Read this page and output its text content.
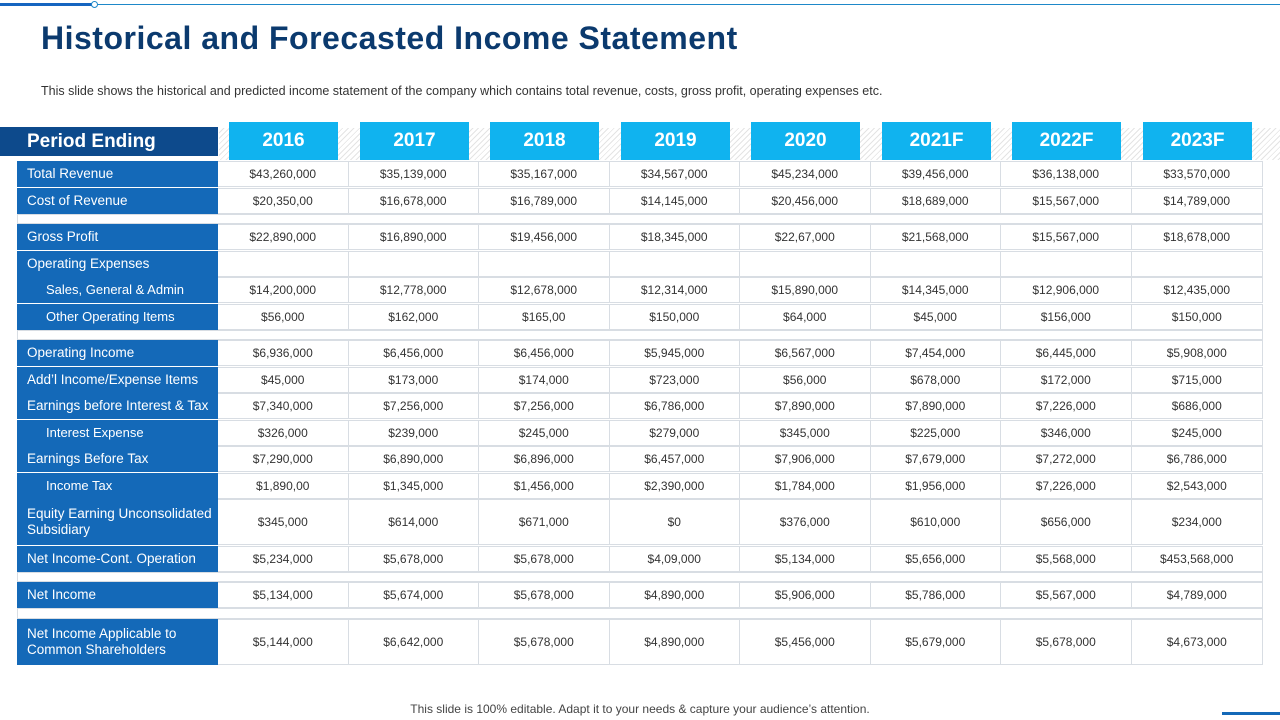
Historical and Forecasted Income Statement

This slide shows the historical and predicted income statement of the company which contains total revenue, costs, gross profit, operating expenses etc.

Period Ending	2016	2017	2018	2019	2020	2021F	2022F	2023F
Total Revenue	$43,260,000	$35,139,000	$35,167,000	$34,567,000	$45,234,000	$39,456,000	$36,138,000	$33,570,000
Cost of Revenue	$20,350,00	$16,678,000	$16,789,000	$14,145,000	$20,456,000	$18,689,000	$15,567,000	$14,789,000
Gross Profit	$22,890,000	$16,890,000	$19,456,000	$18,345,000	$22,67,000	$21,568,000	$15,567,000	$18,678,000
Operating Expenses
Sales, General & Admin	$14,200,000	$12,778,000	$12,678,000	$12,314,000	$15,890,000	$14,345,000	$12,906,000	$12,435,000
Other Operating Items	$56,000	$162,000	$165,00	$150,000	$64,000	$45,000	$156,000	$150,000
Operating Income	$6,936,000	$6,456,000	$6,456,000	$5,945,000	$6,567,000	$7,454,000	$6,445,000	$5,908,000
Add’l Income/Expense Items	$45,000	$173,000	$174,000	$723,000	$56,000	$678,000	$172,000	$715,000
Earnings before Interest & Tax	$7,340,000	$7,256,000	$7,256,000	$6,786,000	$7,890,000	$7,890,000	$7,226,000	$686,000
Interest Expense	$326,000	$239,000	$245,000	$279,000	$345,000	$225,000	$346,000	$245,000
Earnings Before Tax	$7,290,000	$6,890,000	$6,896,000	$6,457,000	$7,906,000	$7,679,000	$7,272,000	$6,786,000
Income Tax	$1,890,00	$1,345,000	$1,456,000	$2,390,000	$1,784,000	$1,956,000	$7,226,000	$2,543,000
Equity Earning Unconsolidated Subsidiary	$345,000	$614,000	$671,000	$0	$376,000	$610,000	$656,000	$234,000
Net Income-Cont. Operation	$5,234,000	$5,678,000	$5,678,000	$4,09,000	$5,134,000	$5,656,000	$5,568,000	$453,568,000
Net Income	$5,134,000	$5,674,000	$5,678,000	$4,890,000	$5,906,000	$5,786,000	$5,567,000	$4,789,000
Net Income Applicable to Common Shareholders	$5,144,000	$6,642,000	$5,678,000	$4,890,000	$5,456,000	$5,679,000	$5,678,000	$4,673,000
This slide is 100% editable. Adapt it to your needs & capture your audience’s attention.
